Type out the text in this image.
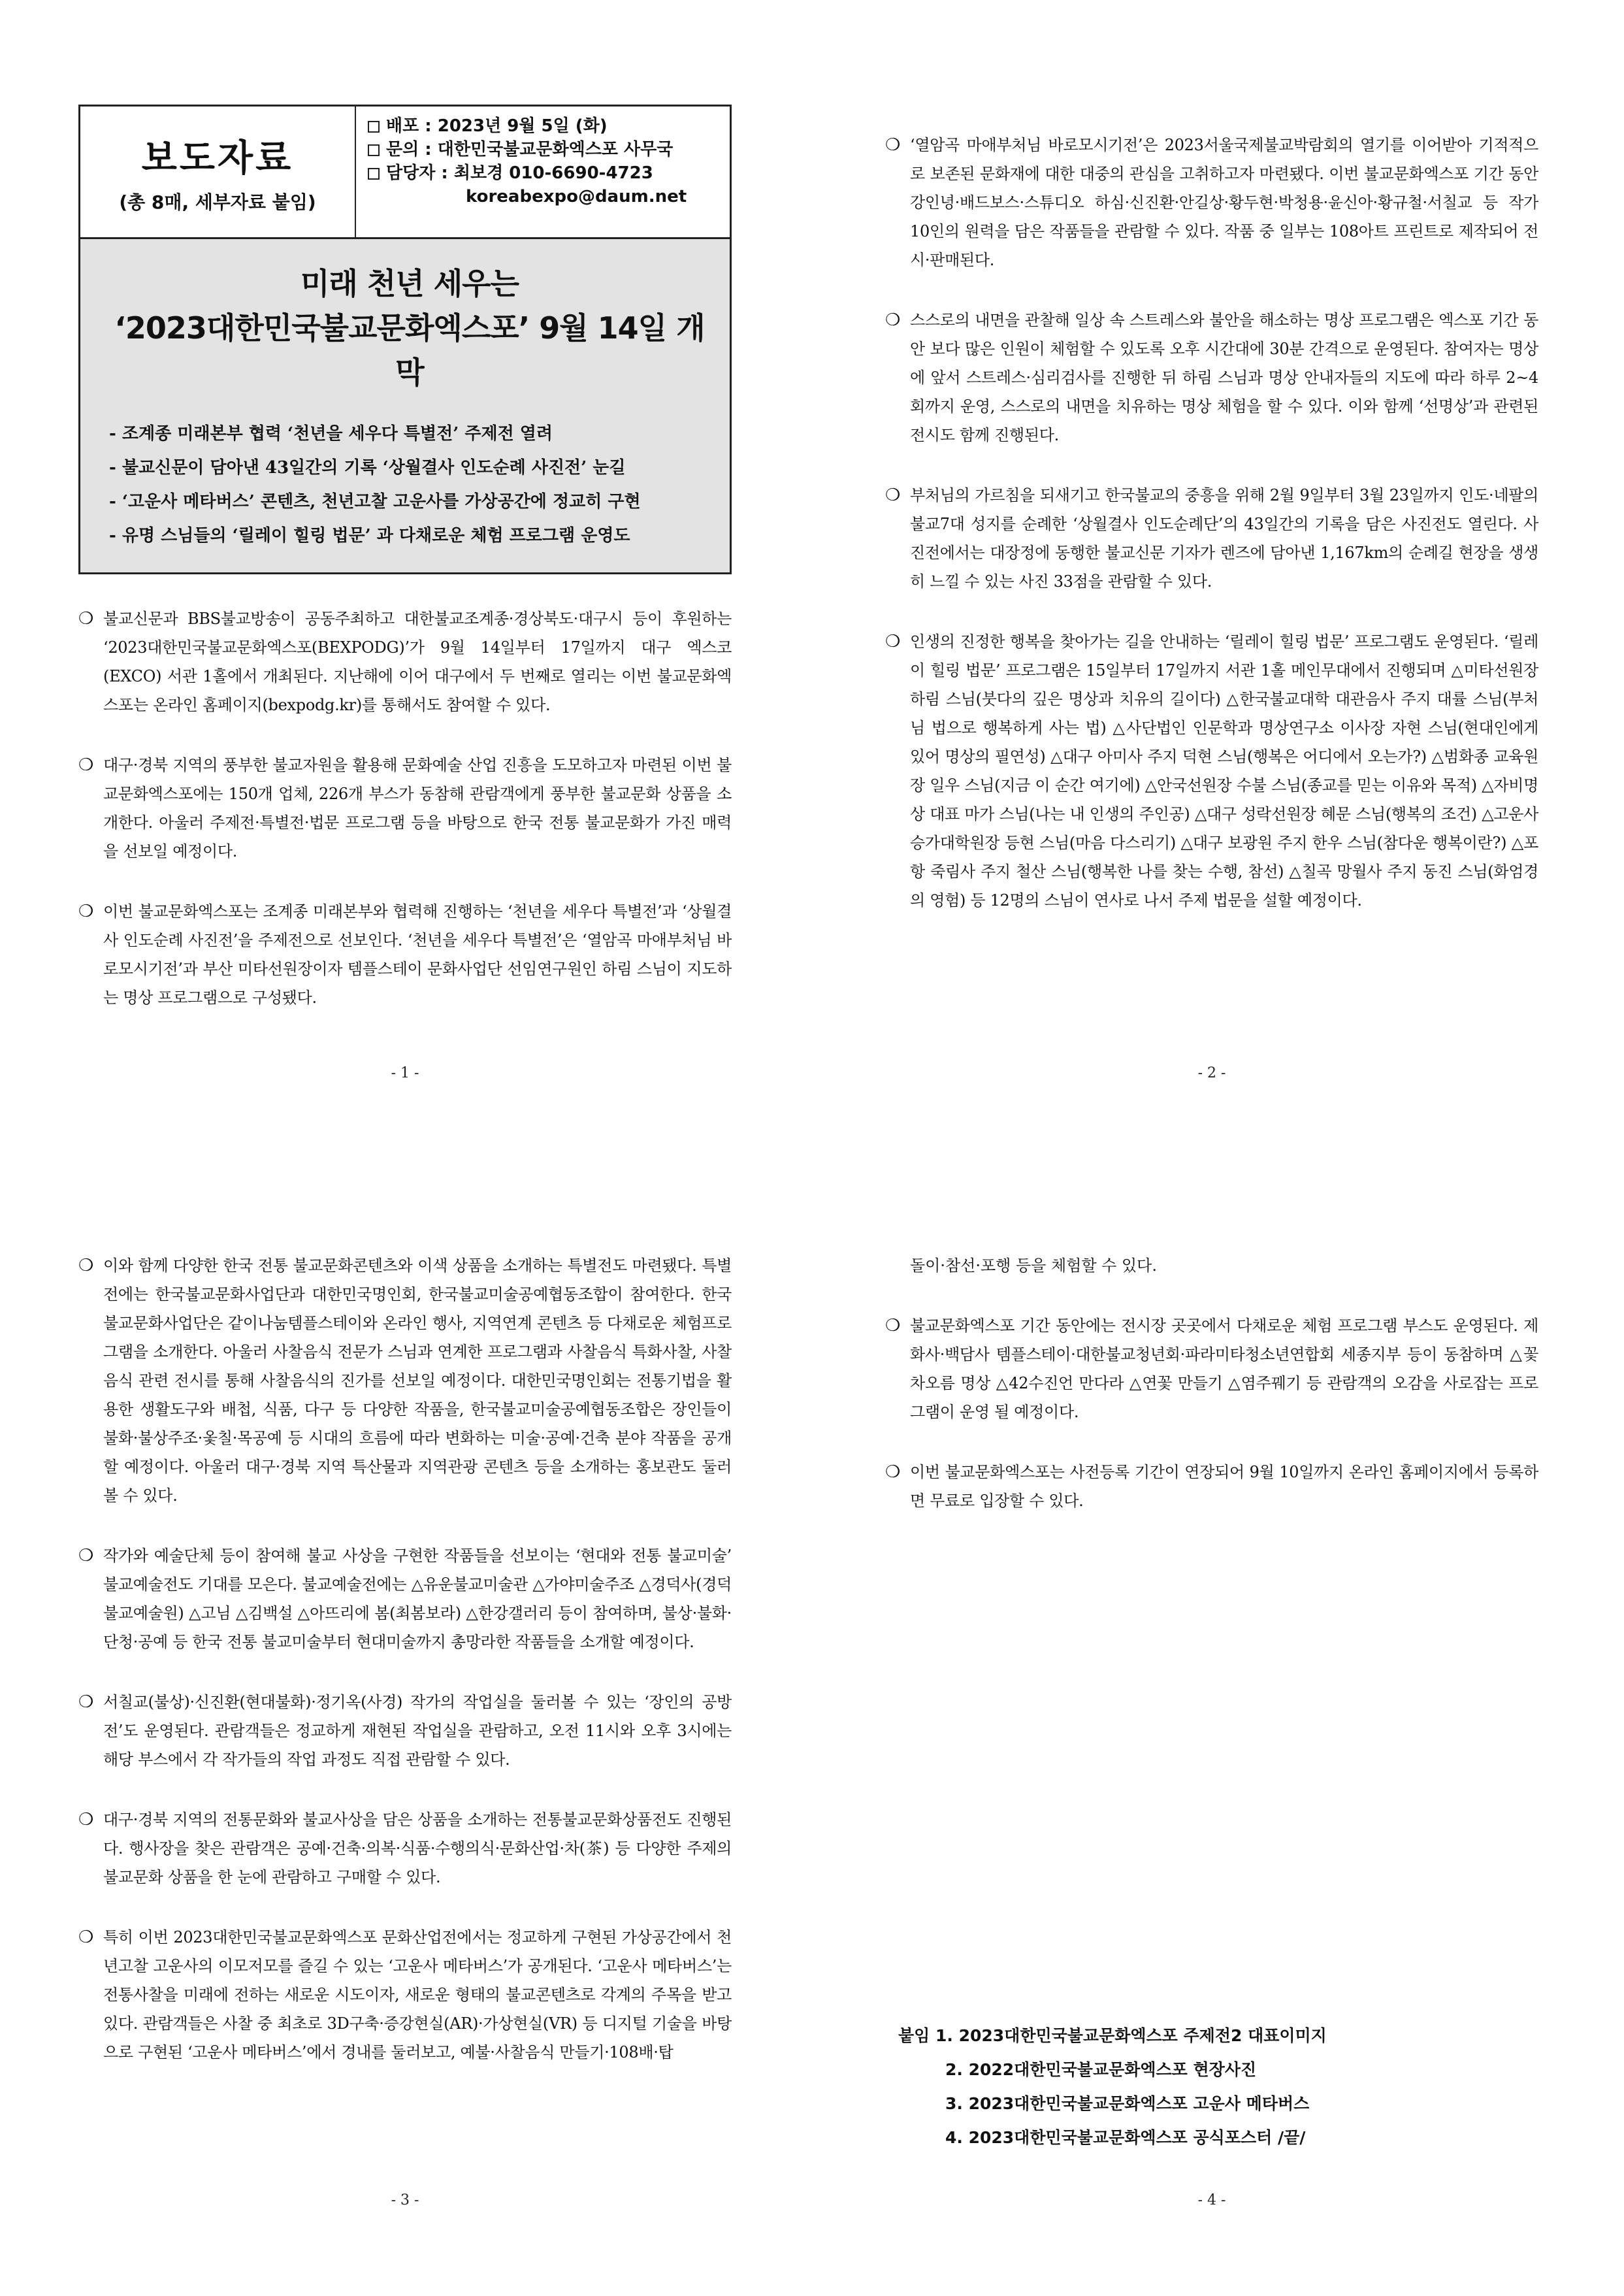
보도자료
(총 8매, 세부자료 붙임)
배포 : 2023년 9월 5일 (화)
문의 : 대한민국불교문화엑스포 사무국
담당자 : 최보경 010-6690-4723
koreabexpo@daum.net
미래 천년 세우는
‘2023대한민국불교문화엑스포’ 9월 14일 개막
- 조계종 미래본부 협력 ‘천년을 세우다 특별전’ 주제전 열려
- 불교신문이 담아낸 43일간의 기록 ‘상월결사 인도순례 사진전’ 눈길
- ‘고운사 메타버스’ 콘텐츠, 천년고찰 고운사를 가상공간에 정교히 구현
- 유명 스님들의 ‘릴레이 힐링 법문’ 과 다채로운 체험 프로그램 운영도
❍ 불교신문과 BBS불교방송이 공동주최하고 대한불교조계종·경상북도·대구시 등이 후원하는 ‘2023대한민국불교문화엑스포(BEXPODG)’가 9월 14일부터 17일까지 대구 엑스코(EXCO) 서관 1홀에서 개최된다. 지난해에 이어 대구에서 두 번째로 열리는 이번 불교문화엑스포는 온라인 홈페이지(bexpodg.kr)를 통해서도 참여할 수 있다.
❍ 대구·경북 지역의 풍부한 불교자원을 활용해 문화예술 산업 진흥을 도모하고자 마련된 이번 불교문화엑스포에는 150개 업체, 226개 부스가 동참해 관람객에게 풍부한 불교문화 상품을 소개한다. 아울러 주제전·특별전·법문 프로그램 등을 바탕으로 한국 전통 불교문화가 가진 매력을 선보일 예정이다.
❍ 이번 불교문화엑스포는 조계종 미래본부와 협력해 진행하는 ‘천년을 세우다 특별전’과 ‘상월결사 인도순례 사진전’을 주제전으로 선보인다. ‘천년을 세우다 특별전’은 ‘열암곡 마애부처님 바로모시기전’과 부산 미타선원장이자 템플스테이 문화사업단 선임연구원인 하림 스님이 지도하는 명상 프로그램으로 구성됐다.
- 1 -
❍ ‘열암곡 마애부처님 바로모시기전’은 2023서울국제불교박람회의 열기를 이어받아 기적적으로 보존된 문화재에 대한 대중의 관심을 고취하고자 마련됐다. 이번 불교문화엑스포 기간 동안 강인녕·배드보스·스튜디오 하심·신진환·안길상·황두현·박청용·윤신아·황규철·서칠교 등 작가 10인의 원력을 담은 작품들을 관람할 수 있다. 작품 중 일부는 108아트 프린트로 제작되어 전시·판매된다.
❍ 스스로의 내면을 관찰해 일상 속 스트레스와 불안을 해소하는 명상 프로그램은 엑스포 기간 동안 보다 많은 인원이 체험할 수 있도록 오후 시간대에 30분 간격으로 운영된다. 참여자는 명상에 앞서 스트레스·심리검사를 진행한 뒤 하림 스님과 명상 안내자들의 지도에 따라 하루 2~4회까지 운영, 스스로의 내면을 치유하는 명상 체험을 할 수 있다. 이와 함께 ‘선명상’과 관련된 전시도 함께 진행된다.
❍ 부처님의 가르침을 되새기고 한국불교의 중흥을 위해 2월 9일부터 3월 23일까지 인도·네팔의 불교7대 성지를 순례한 ‘상월결사 인도순례단’의 43일간의 기록을 담은 사진전도 열린다. 사진전에서는 대장정에 동행한 불교신문 기자가 렌즈에 담아낸 1,167km의 순례길 현장을 생생히 느낄 수 있는 사진 33점을 관람할 수 있다.
❍ 인생의 진정한 행복을 찾아가는 길을 안내하는 ‘릴레이 힐링 법문’ 프로그램도 운영된다. ‘릴레이 힐링 법문’ 프로그램은 15일부터 17일까지 서관 1홀 메인무대에서 진행되며 △미타선원장 하림 스님(붓다의 깊은 명상과 치유의 길이다) △한국불교대학 대관음사 주지 대률 스님(부처님 법으로 행복하게 사는 법) △사단법인 인문학과 명상연구소 이사장 자현 스님(현대인에게 있어 명상의 필연성) △대구 아미사 주지 덕현 스님(행복은 어디에서 오는가?) △범화종 교육원장 일우 스님(지금 이 순간 여기에) △안국선원장 수불 스님(종교를 믿는 이유와 목적) △자비명상 대표 마가 스님(나는 내 인생의 주인공) △대구 성락선원장 혜문 스님(행복의 조건) △고운사승가대학원장 등현 스님(마음 다스리기) △대구 보광원 주지 한우 스님(참다운 행복이란?) △포항 죽림사 주지 철산 스님(행복한 나를 찾는 수행, 참선) △칠곡 망월사 주지 동진 스님(화엄경의 영험) 등 12명의 스님이 연사로 나서 주제 법문을 설할 예정이다.
- 2 -
❍ 이와 함께 다양한 한국 전통 불교문화콘텐츠와 이색 상품을 소개하는 특별전도 마련됐다. 특별전에는 한국불교문화사업단과 대한민국명인회, 한국불교미술공예협동조합이 참여한다. 한국불교문화사업단은 같이나눔템플스테이와 온라인 행사, 지역연계 콘텐츠 등 다채로운 체험프로그램을 소개한다. 아울러 사찰음식 전문가 스님과 연계한 프로그램과 사찰음식 특화사찰, 사찰음식 관련 전시를 통해 사찰음식의 진가를 선보일 예정이다. 대한민국명인회는 전통기법을 활용한 생활도구와 배첩, 식품, 다구 등 다양한 작품을, 한국불교미술공예협동조합은 장인들이 불화·불상주조·옻칠·목공예 등 시대의 흐름에 따라 변화하는 미술·공예·건축 분야 작품을 공개할 예정이다. 아울러 대구·경북 지역 특산물과 지역관광 콘텐츠 등을 소개하는 홍보관도 둘러볼 수 있다.
❍ 작가와 예술단체 등이 참여해 불교 사상을 구현한 작품들을 선보이는 ‘현대와 전통 불교미술’ 불교예술전도 기대를 모은다. 불교예술전에는 △유운불교미술관 △가야미술주조 △경덕사(경덕불교예술원) △고님 △김백설 △아뜨리에 봄(최봄보라) △한강갤러리 등이 참여하며, 불상·불화·단청·공예 등 한국 전통 불교미술부터 현대미술까지 총망라한 작품들을 소개할 예정이다.
❍ 서칠교(불상)·신진환(현대불화)·정기옥(사경) 작가의 작업실을 둘러볼 수 있는 ‘장인의 공방전’도 운영된다. 관람객들은 정교하게 재현된 작업실을 관람하고, 오전 11시와 오후 3시에는 해당 부스에서 각 작가들의 작업 과정도 직접 관람할 수 있다.
❍ 대구·경북 지역의 전통문화와 불교사상을 담은 상품을 소개하는 전통불교문화상품전도 진행된다. 행사장을 찾은 관람객은 공예·건축·의복·식품·수행의식·문화산업·차(茶) 등 다양한 주제의 불교문화 상품을 한 눈에 관람하고 구매할 수 있다.
❍ 특히 이번 2023대한민국불교문화엑스포 문화산업전에서는 정교하게 구현된 가상공간에서 천년고찰 고운사의 이모저모를 즐길 수 있는 ‘고운사 메타버스’가 공개된다. ‘고운사 메타버스’는 전통사찰을 미래에 전하는 새로운 시도이자, 새로운 형태의 불교콘텐츠로 각계의 주목을 받고 있다. 관람객들은 사찰 중 최초로 3D구축·증강현실(AR)·가상현실(VR) 등 디지털 기술을 바탕으로 구현된 ‘고운사 메타버스’에서 경내를 둘러보고, 예불·사찰음식 만들기·108배·탑
- 3 -
돌이·참선·포행 등을 체험할 수 있다.
❍ 불교문화엑스포 기간 동안에는 전시장 곳곳에서 다채로운 체험 프로그램 부스도 운영된다. 제화사·백담사 템플스테이·대한불교청년회·파라미타청소년연합회 세종지부 등이 동참하며 △꽃차오름 명상 △42수진언 만다라 △연꽃 만들기 △염주꿰기 등 관람객의 오감을 사로잡는 프로그램이 운영 될 예정이다.
❍ 이번 불교문화엑스포는 사전등록 기간이 연장되어 9월 10일까지 온라인 홈페이지에서 등록하면 무료로 입장할 수 있다.
붙임 1. 2023대한민국불교문화엑스포 주제전2 대표이미지
2. 2022대한민국불교문화엑스포 현장사진
3. 2023대한민국불교문화엑스포 고운사 메타버스
4. 2023대한민국불교문화엑스포 공식포스터 /끝/
- 4 -
